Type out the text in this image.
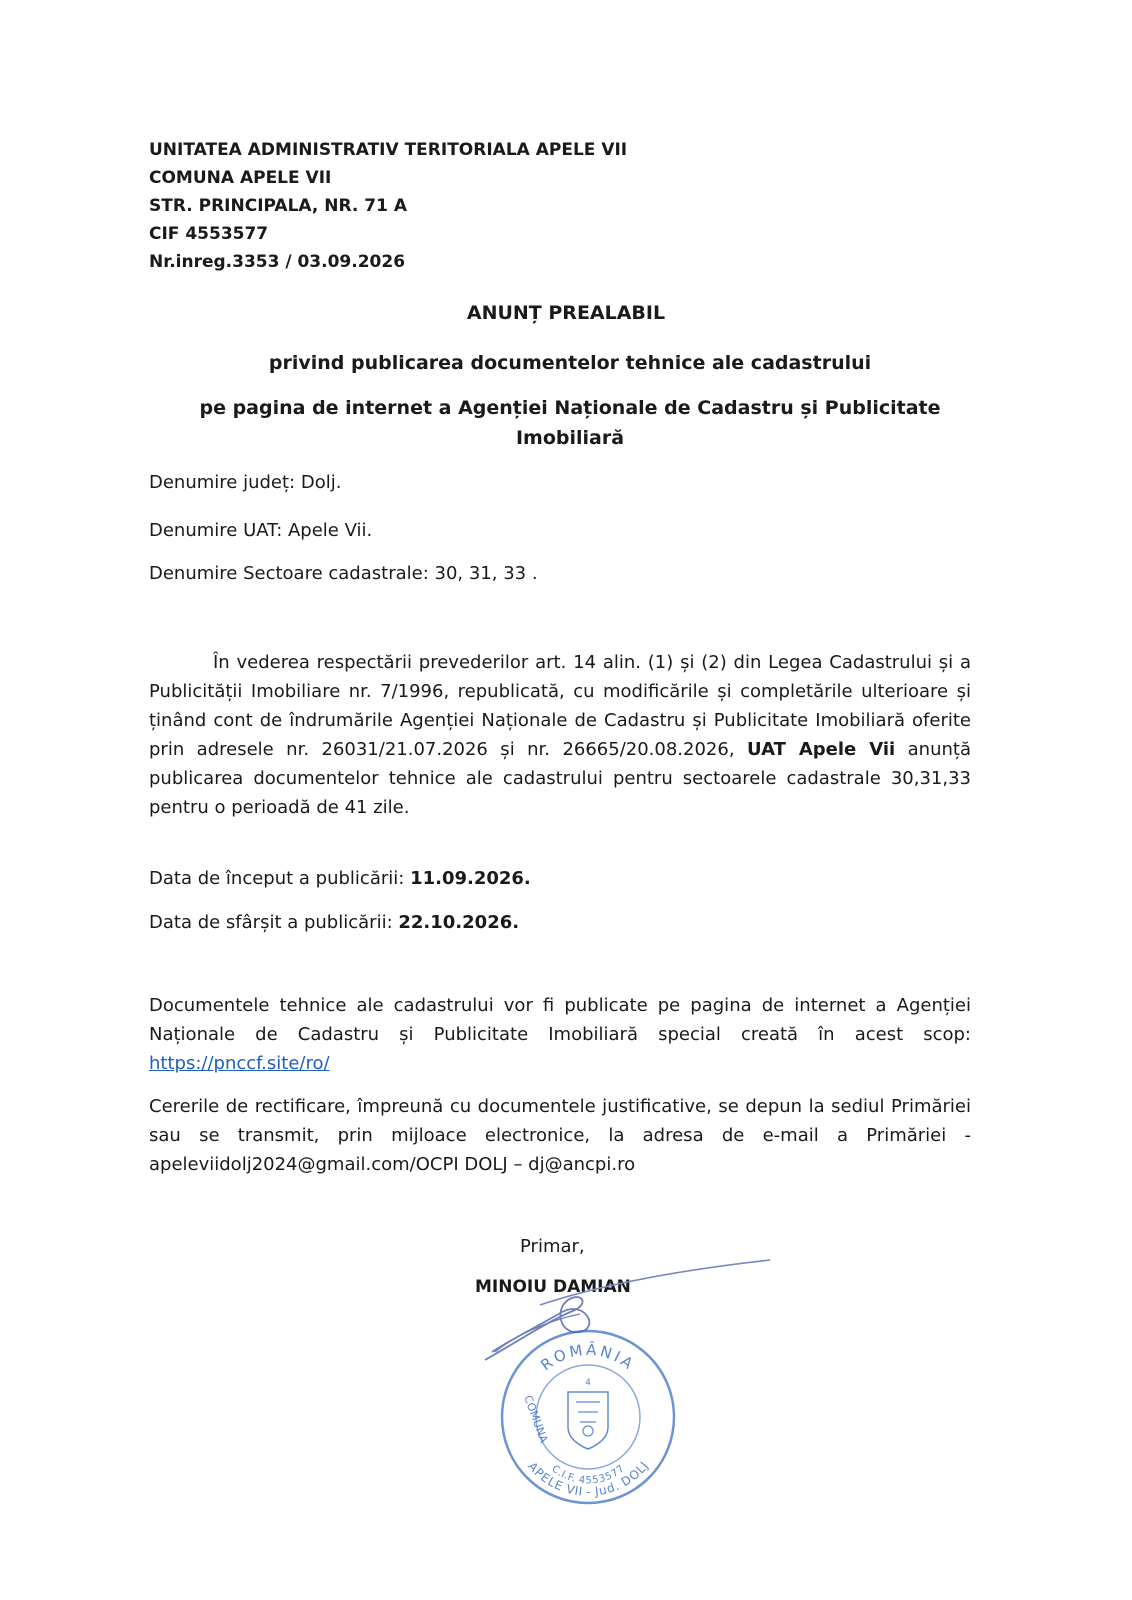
UNITATEA ADMINISTRATIV TERITORIALA APELE VII
COMUNA APELE VII
STR. PRINCIPALA, NR. 71 A
CIF 4553577
Nr.inreg.3353 / 03.09.2026
ANUNȚ PREALABIL
privind publicarea documentelor tehnice ale cadastrului
pe pagina de internet a Agenției Naționale de Cadastru și Publicitate Imobiliară
Denumire județ: Dolj.
Denumire UAT: Apele Vii.
Denumire Sectoare cadastrale: 30, 31, 33 .
În vederea respectării prevederilor art. 14 alin. (1) și (2) din Legea Cadastrului și a Publicității Imobiliare nr. 7/1996, republicată, cu modificările și completările ulterioare și ținând cont de îndrumările Agenției Naționale de Cadastru și Publicitate Imobiliară oferite prin adresele nr. 26031/21.07.2026 și nr. 26665/20.08.2026, UAT Apele Vii anunță publicarea documentelor tehnice ale cadastrului pentru sectoarele cadastrale 30,31,33 pentru o perioadă de 41 zile.
Data de început a publicării: 11.09.2026.
Data de sfârșit a publicării: 22.10.2026.
Documentele tehnice ale cadastrului vor fi publicate pe pagina de internet a Agenției Naționale de Cadastru și Publicitate Imobiliară special creată în acest scop: https://pnccf.site/ro/
Cererile de rectificare, împreună cu documentele justificative, se depun la sediul Primăriei sau se transmit, prin mijloace electronice, la adresa de e-mail a Primăriei -apeleviidolj2024@gmail.com/OCPI DOLJ – dj@ancpi.ro
Primar,
MINOIU DAMIAN
ROMÂNIA
COMUNA
APELE VII - Jud. DOLJ
C.I.F. 4553577
4
